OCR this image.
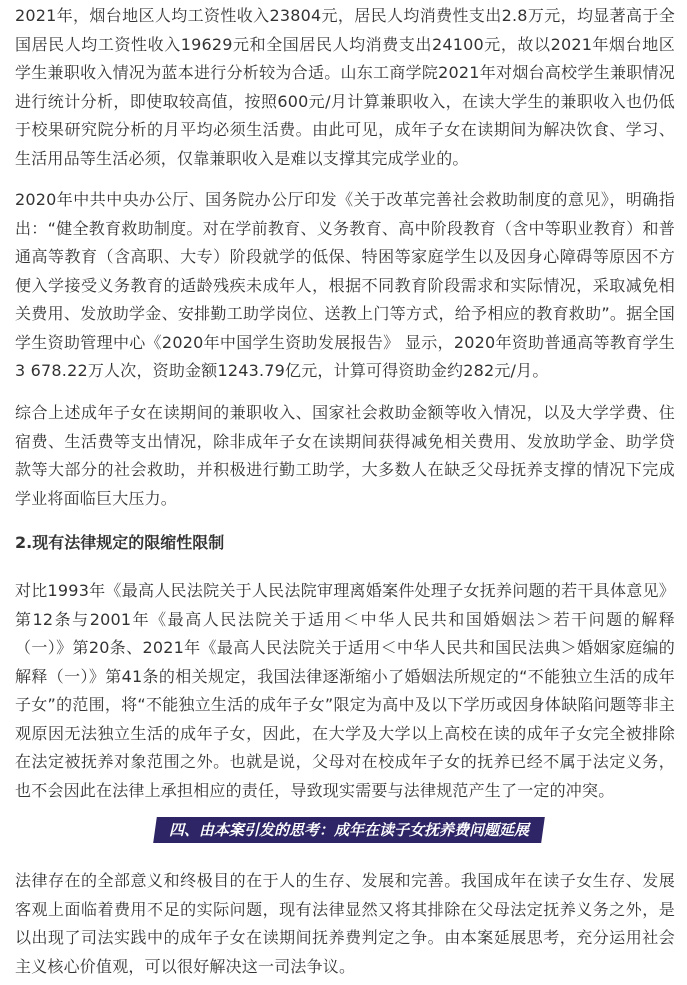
2021年，烟台地区人均工资性收入23804元，居民人均消费性支出2.8万元，均显著高于全国居民人均工资性收入19629元和全国居民人均消费支出24100元，故以2021年烟台地区学生兼职收入情况为蓝本进行分析较为合适。山东工商学院2021年对烟台高校学生兼职情况进行统计分析，即使取较高值，按照600元/月计算兼职收入，在读大学生的兼职收入也仍低于校果研究院分析的月平均必须生活费。由此可见，成年子女在读期间为解决饮食、学习、生活用品等生活必须，仅靠兼职收入是难以支撑其完成学业的。

2020年中共中央办公厅、国务院办公厅印发《关于改革完善社会救助制度的意见》，明确指出：“健全教育救助制度。对在学前教育、义务教育、高中阶段教育（含中等职业教育）和普通高等教育（含高职、大专）阶段就学的低保、特困等家庭学生以及因身心障碍等原因不方便入学接受义务教育的适龄残疾未成年人，根据不同教育阶段需求和实际情况，采取减免相关费用、发放助学金、安排勤工助学岗位、送教上门等方式，给予相应的教育救助”。据全国学生资助管理中心《2020年中国学生资助发展报告》 显示，2020年资助普通高等教育学生3 678.22万人次，资助金额1243.79亿元，计算可得资助金约282元/月。

综合上述成年子女在读期间的兼职收入、国家社会救助金额等收入情况，以及大学学费、住宿费、生活费等支出情况，除非成年子女在读期间获得减免相关费用、发放助学金、助学贷款等大部分的社会救助，并积极进行勤工助学，大多数人在缺乏父母抚养支撑的情况下完成学业将面临巨大压力。

2.现有法律规定的限缩性限制

对比1993年《最高人民法院关于人民法院审理离婚案件处理子女抚养问题的若干具体意见》第12条与2001年《最高人民法院关于适用＜中华人民共和国婚姻法＞若干问题的解释（一）》第20条、2021年《最高人民法院关于适用＜中华人民共和国民法典＞婚姻家庭编的解释（一）》第41条的相关规定，我国法律逐渐缩小了婚姻法所规定的“不能独立生活的成年子女”的范围，将“不能独立生活的成年子女”限定为高中及以下学历或因身体缺陷问题等非主观原因无法独立生活的成年子女，因此，在大学及大学以上高校在读的成年子女完全被排除在法定被抚养对象范围之外。也就是说，父母对在校成年子女的抚养已经不属于法定义务，也不会因此在法律上承担相应的责任，导致现实需要与法律规范产生了一定的冲突。

四、由本案引发的思考：成年在读子女抚养费问题延展

法律存在的全部意义和终极目的在于人的生存、发展和完善。我国成年在读子女生存、发展客观上面临着费用不足的实际问题，现有法律显然又将其排除在父母法定抚养义务之外，是以出现了司法实践中的成年子女在读期间抚养费判定之争。由本案延展思考，充分运用社会主义核心价值观，可以很好解决这一司法争议。
